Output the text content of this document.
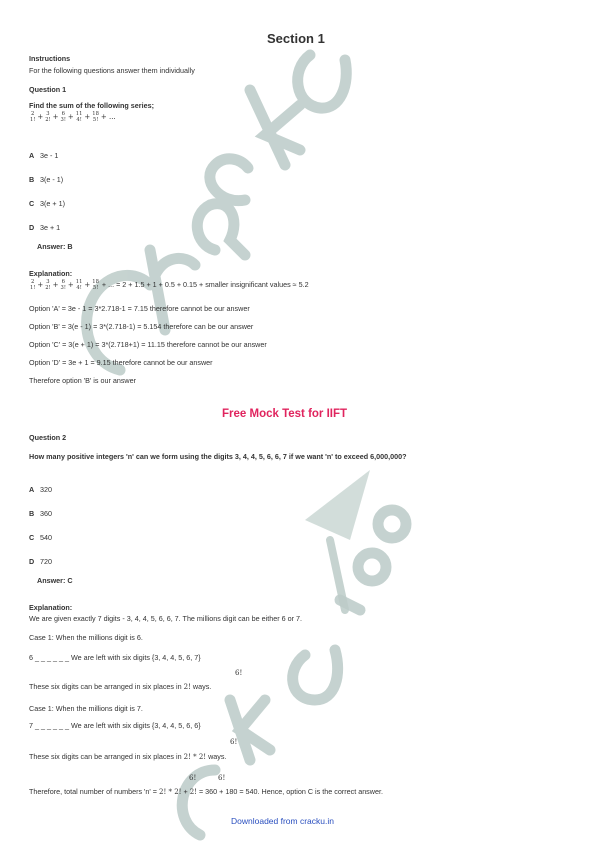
Section 1
Instructions
For the following questions answer them individually
Question 1
Find the sum of the following series;
2
1! + 3
2! + 6
3! + 11
4! + 18
5! + ...
A 3e - 1
B 3(e - 1)
C 3(e + 1)
D 3e + 1
Answer: B
Explanation:
2
1! + 3
2! + 6
3! + 11
4! + 18
5! + ... = 2 + 1.5 + 1 + 0.5 + 0.15 + smaller insignificant values ≈ 5.2
Option 'A' = 3e - 1 = 3*2.718-1 = 7.15 therefore cannot be our answer
Option 'B' = 3(e - 1) = 3*(2.718-1) = 5.154 therefore can be our answer
Option 'C' = 3(e + 1) = 3*(2.718+1) = 11.15 therefore cannot be our answer
Option 'D' = 3e + 1 = 9.15 therefore cannot be our answer
Therefore option 'B' is our answer
Free Mock Test for IIFT
Question 2
How many positive integers 'n' can we form using the digits 3, 4, 4, 5, 6, 6, 7 if we want 'n' to exceed 6,000,000?
A 320
B 360
C 540
D 720
Answer: C
Explanation:
We are given exactly 7 digits - 3, 4, 4, 5, 6, 6, 7. The millions digit can be either 6 or 7.
Case 1: When the millions digit is 6.
6 _ _ _ _ _ _ We are left with six digits {3, 4, 4, 5, 6, 7}
6!
These six digits can be arranged in six places in 2! ways.
Case 1: When the millions digit is 7.
7 _ _ _ _ _ _ We are left with six digits {3, 4, 4, 5, 6, 6}
6!
These six digits can be arranged in six places in 2! * 2! ways.
6!	6!
Therefore, total number of numbers 'n' = 2! * 2! + 2! = 360 + 180 = 540. Hence, option C is the correct answer.
Downloaded from cracku.in
